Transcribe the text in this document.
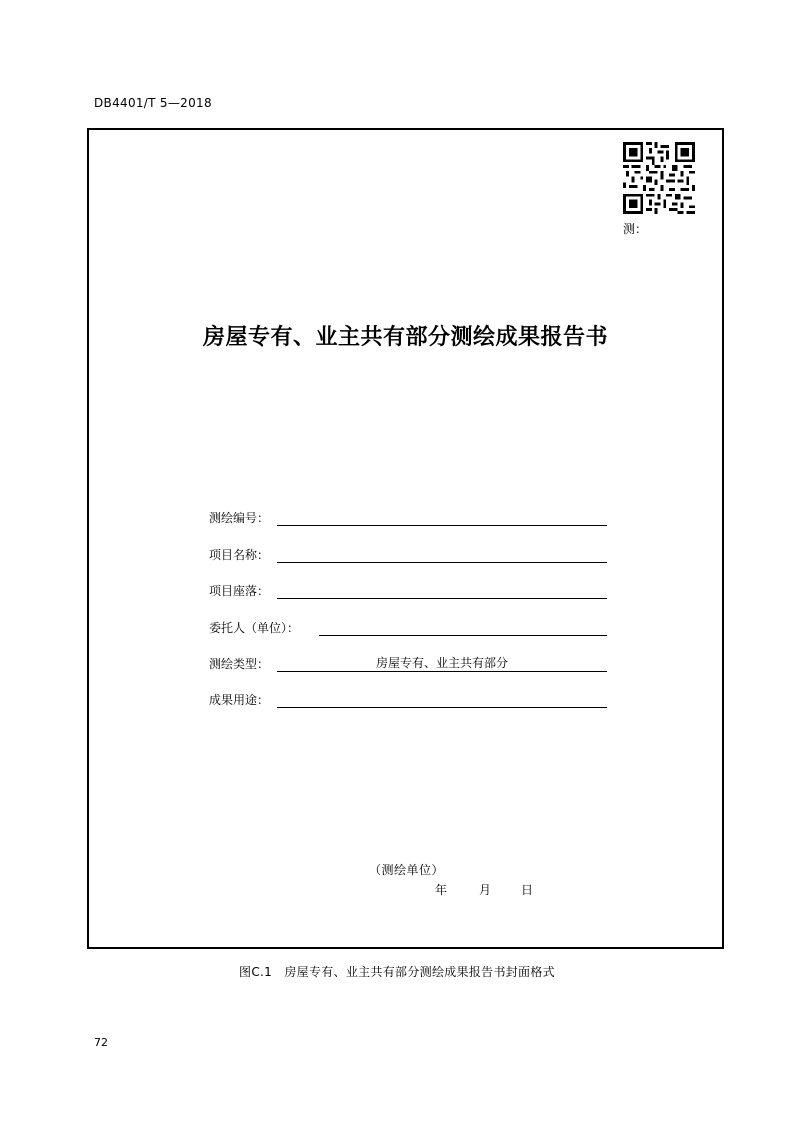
DB4401/T 5—2018
测：
房屋专有、业主共有部分测绘成果报告书
测绘编号：
项目名称：
项目座落：
委托人（单位）：
测绘类型：	房屋专有、业主共有部分
成果用途：
（测绘单位）
年	月 日
图C.1　房屋专有、业主共有部分测绘成果报告书封面格式
72
